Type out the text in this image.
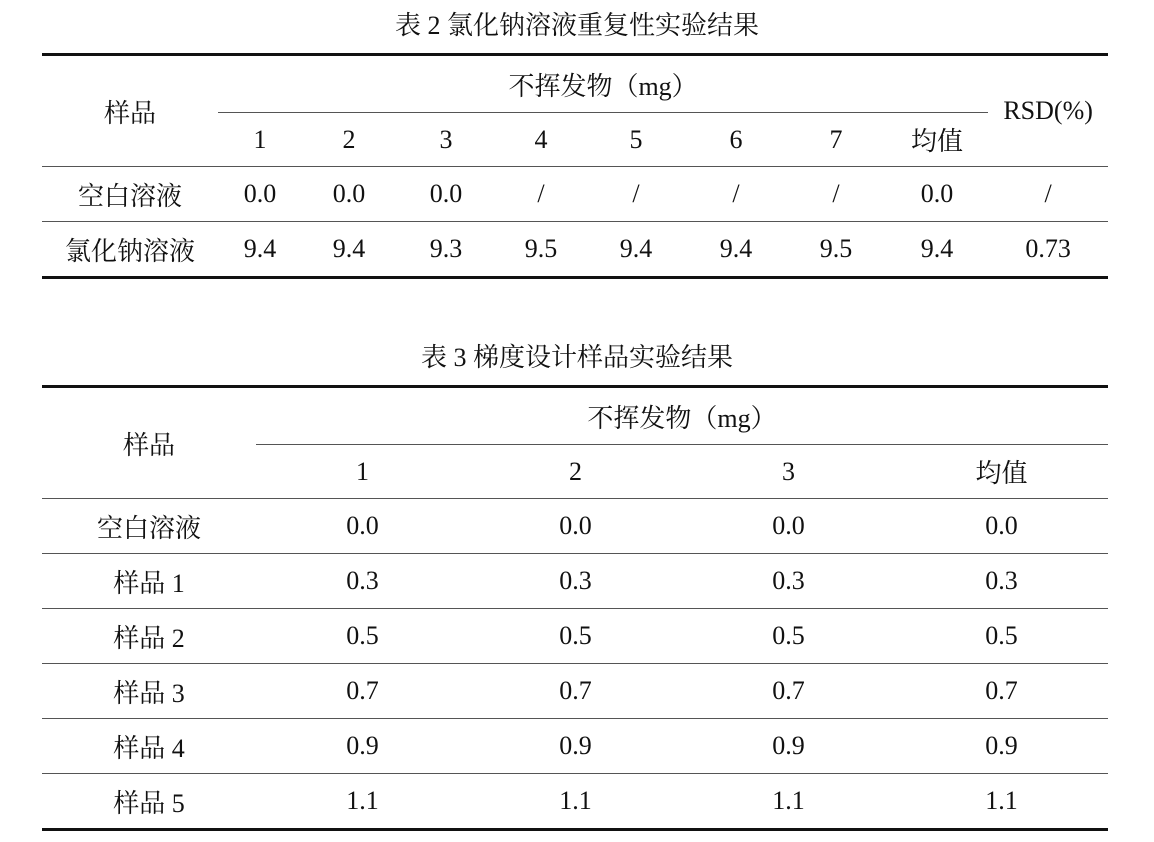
表 2 氯化钠溶液重复性实验结果
样品	不挥发物（mg）								RSD(%)
	1	2	3	4	5	6	7	均值	
空白溶液	0.0	0.0	0.0	/	/	/	/	0.0	/
氯化钠溶液	9.4	9.4	9.3	9.5	9.4	9.4	9.5	9.4	0.73
表 3 梯度设计样品实验结果
样品	不挥发物（mg）			
	1	2	3	均值
空白溶液	0.0	0.0	0.0	0.0
样品 1	0.3	0.3	0.3	0.3
样品 2	0.5	0.5	0.5	0.5
样品 3	0.7	0.7	0.7	0.7
样品 4	0.9	0.9	0.9	0.9
样品 5	1.1	1.1	1.1	1.1
